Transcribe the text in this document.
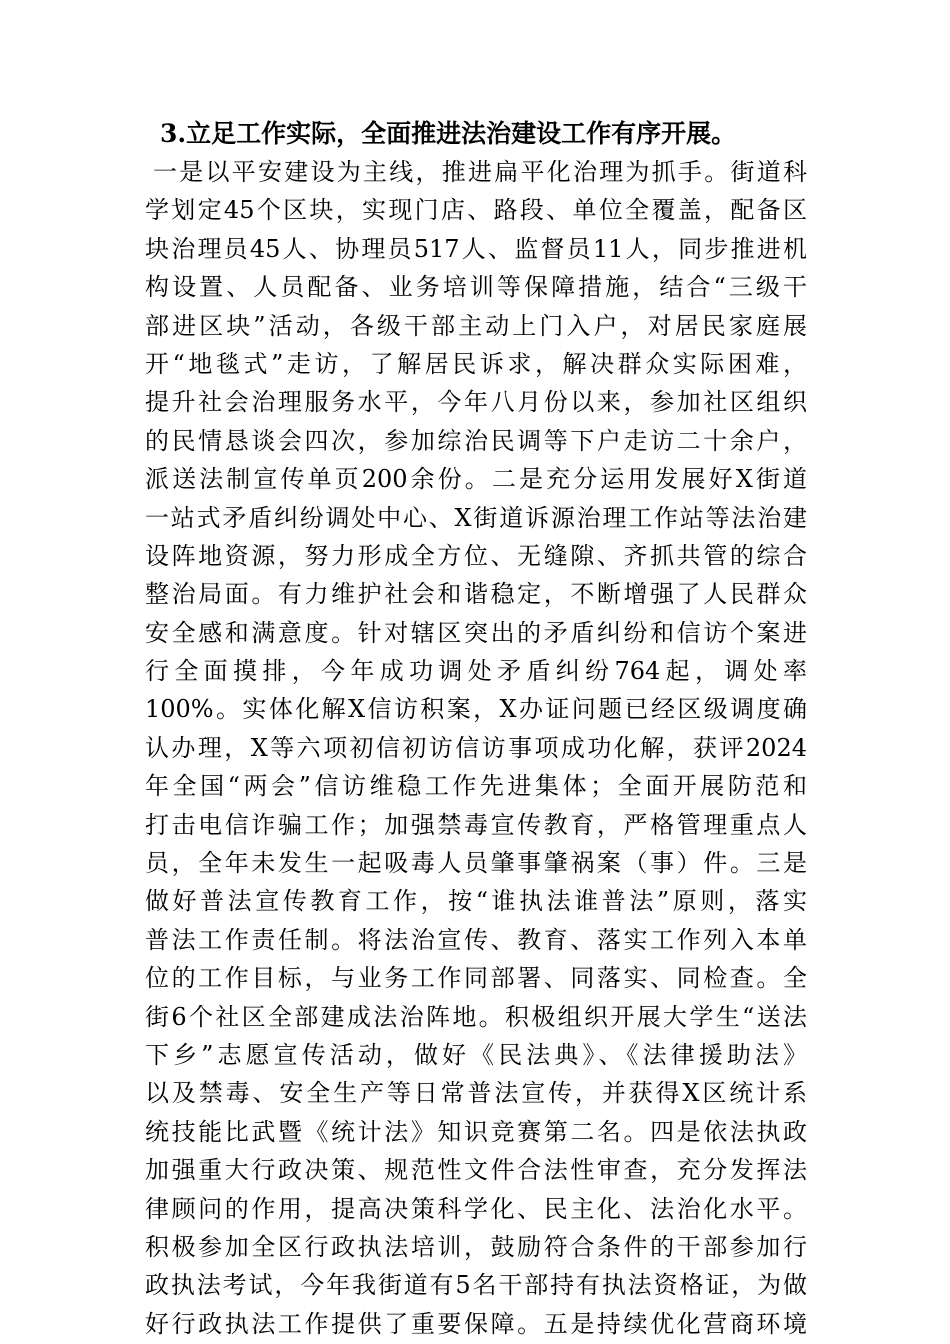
3.立足工作实际，全面推进法治建设工作有序开展。
一是以平安建设为主线，推进扁平化治理为抓手。街道科
学划定45个区块，实现门店、路段、单位全覆盖，配备区
块治理员45人、协理员517人、监督员11人，同步推进机
构设置、人员配备、业务培训等保障措施，结合“三级干
部进区块”活动，各级干部主动上门入户，对居民家庭展
开“地毯式”走访，了解居民诉求，解决群众实际困难，
提升社会治理服务水平，今年八月份以来，参加社区组织
的民情恳谈会四次，参加综治民调等下户走访二十余户，
派送法制宣传单页200余份。二是充分运用发展好X街道
一站式矛盾纠纷调处中心、X街道诉源治理工作站等法治建
设阵地资源，努力形成全方位、无缝隙、齐抓共管的综合
整治局面。有力维护社会和谐稳定，不断增强了人民群众
安全感和满意度。针对辖区突出的矛盾纠纷和信访个案进
行全面摸排，今年成功调处矛盾纠纷764起，调处率
100%。实体化解X信访积案，X办证问题已经区级调度确
认办理，X等六项初信初访信访事项成功化解，获评2024
年全国“两会”信访维稳工作先进集体；全面开展防范和
打击电信诈骗工作；加强禁毒宣传教育，严格管理重点人
员，全年未发生一起吸毒人员肇事肇祸案（事）件。三是
做好普法宣传教育工作，按“谁执法谁普法”原则，落实
普法工作责任制。将法治宣传、教育、落实工作列入本单
位的工作目标，与业务工作同部署、同落实、同检查。全
街6个社区全部建成法治阵地。积极组织开展大学生“送法
下乡”志愿宣传活动，做好《民法典》、《法律援助法》
以及禁毒、安全生产等日常普法宣传，并获得X区统计系
统技能比武暨《统计法》知识竞赛第二名。四是依法执政
加强重大行政决策、规范性文件合法性审查，充分发挥法
律顾问的作用，提高决策科学化、民主化、法治化水平。
积极参加全区行政执法培训，鼓励符合条件的干部参加行
政执法考试，今年我街道有5名干部持有执法资格证，为做
好行政执法工作提供了重要保障。五是持续优化营商环境
